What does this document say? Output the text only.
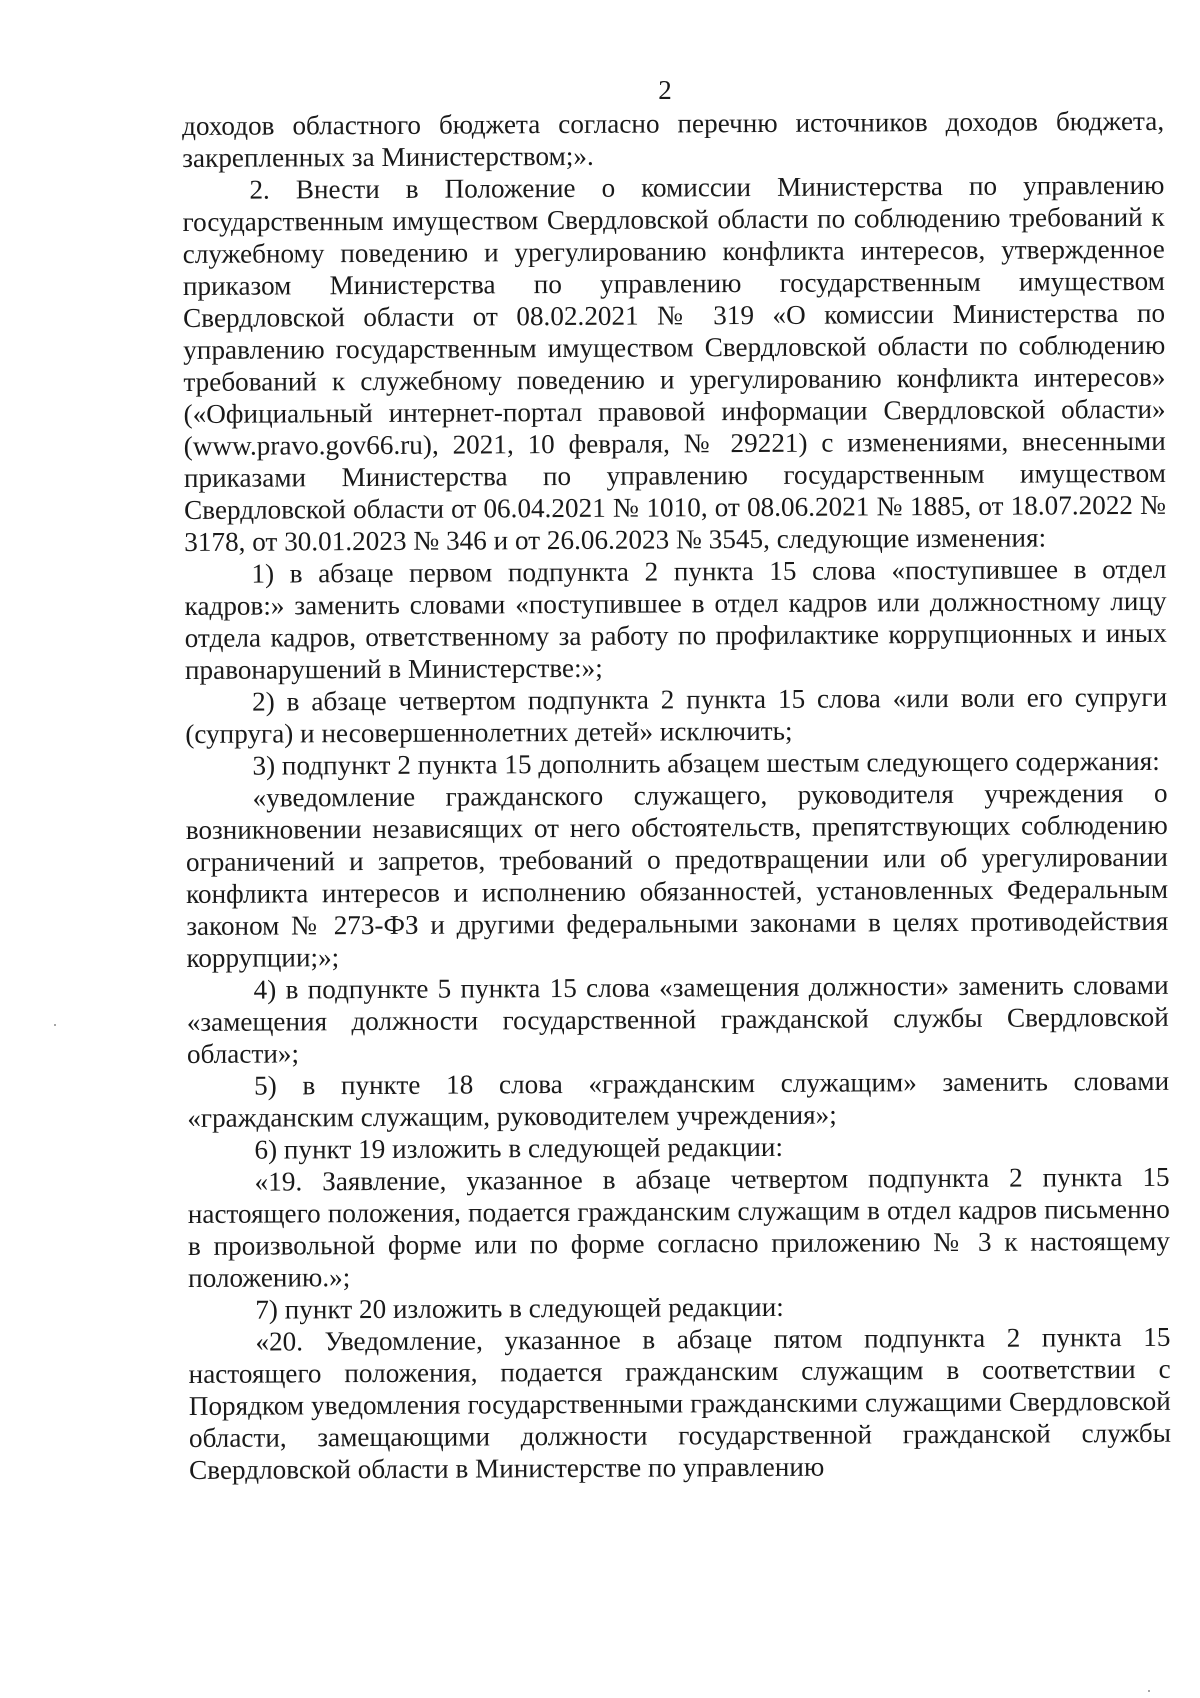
2

доходов областного бюджета согласно перечню источников доходов бюджета, закрепленных за Министерством;».

2. Внести в Положение о комиссии Министерства по управлению государственным имуществом Свердловской области по соблюдению требований к служебному поведению и урегулированию конфликта интересов, утвержденное приказом Министерства по управлению государственным имуществом Свердловской области от 08.02.2021 № 319 «О комиссии Министерства по управлению государственным имуществом Свердловской области по соблюдению требований к служебному поведению и урегулированию конфликта интересов» («Официальный интернет-портал правовой информации Свердловской области» (www.pravo.gov66.ru), 2021, 10 февраля, № 29221) с изменениями, внесенными приказами Министерства по управлению государственным имуществом Свердловской области от 06.04.2021 № 1010, от 08.06.2021 № 1885, от 18.07.2022 № 3178, от 30.01.2023 № 346 и от 26.06.2023 № 3545, следующие изменения:

1) в абзаце первом подпункта 2 пункта 15 слова «поступившее в отдел кадров:» заменить словами «поступившее в отдел кадров или должностному лицу отдела кадров, ответственному за работу по профилактике коррупционных и иных правонарушений в Министерстве:»;

2) в абзаце четвертом подпункта 2 пункта 15 слова «или воли его супруги (супруга) и несовершеннолетних детей» исключить;

3) подпункт 2 пункта 15 дополнить абзацем шестым следующего содержания:

«уведомление гражданского служащего, руководителя учреждения о возникновении независящих от него обстоятельств, препятствующих соблюдению ограничений и запретов, требований о предотвращении или об урегулировании конфликта интересов и исполнению обязанностей, установленных Федеральным законом № 273-ФЗ и другими федеральными законами в целях противодействия коррупции;»;

4) в подпункте 5 пункта 15 слова «замещения должности» заменить словами «замещения должности государственной гражданской службы Свердловской области»;

5) в пункте 18 слова «гражданским служащим» заменить словами «гражданским служащим, руководителем учреждения»;

6) пункт 19 изложить в следующей редакции:

«19. Заявление, указанное в абзаце четвертом подпункта 2 пункта 15 настоящего положения, подается гражданским служащим в отдел кадров письменно в произвольной форме или по форме согласно приложению № 3 к настоящему положению.»;

7) пункт 20 изложить в следующей редакции:

«20. Уведомление, указанное в абзаце пятом подпункта 2 пункта 15 настоящего положения, подается гражданским служащим в соответствии с Порядком уведомления государственными гражданскими служащими Свердловской области, замещающими должности государственной гражданской службы Свердловской области в Министерстве по управлению
